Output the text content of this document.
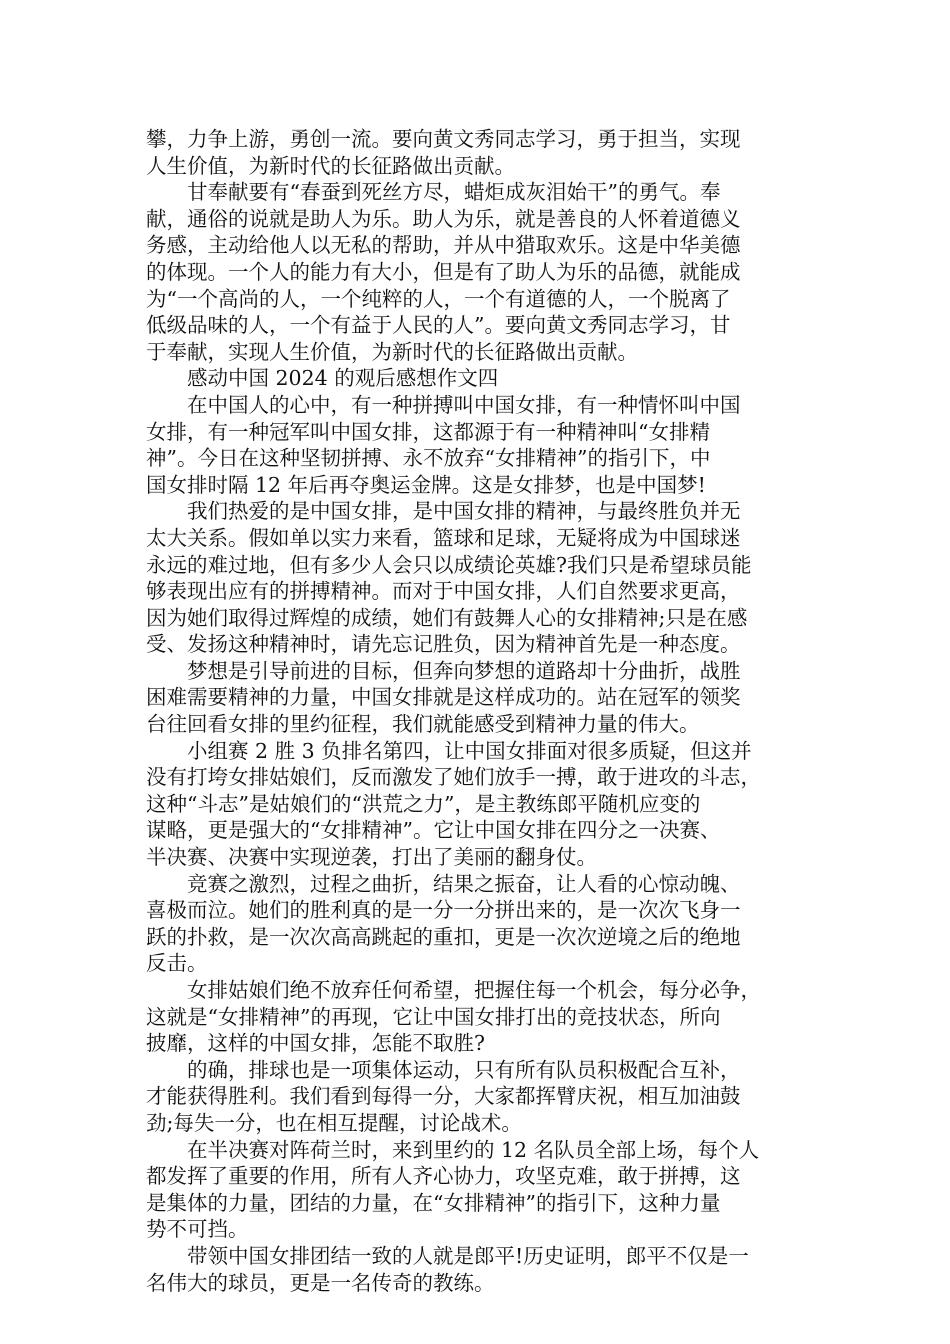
攀，力争上游，勇创一流。要向黄文秀同志学习，勇于担当，实现
人生价值，为新时代的长征路做出贡献。
甘奉献要有“春蚕到死丝方尽，蜡炬成灰泪始干”的勇气。奉
献，通俗的说就是助人为乐。助人为乐，就是善良的人怀着道德义
务感，主动给他人以无私的帮助，并从中猎取欢乐。这是中华美德
的体现。一个人的能力有大小，但是有了助人为乐的品德，就能成
为“一个高尚的人，一个纯粹的人，一个有道德的人，一个脱离了
低级品味的人，一个有益于人民的人”。要向黄文秀同志学习，甘
于奉献，实现人生价值，为新时代的长征路做出贡献。
感动中国 2024 的观后感想作文四
在中国人的心中，有一种拼搏叫中国女排，有一种情怀叫中国
女排，有一种冠军叫中国女排，这都源于有一种精神叫“女排精
神”。今日在这种坚韧拼搏、永不放弃“女排精神”的指引下，中
国女排时隔 12 年后再夺奥运金牌。这是女排梦，也是中国梦!
我们热爱的是中国女排，是中国女排的精神，与最终胜负并无
太大关系。假如单以实力来看，篮球和足球，无疑将成为中国球迷
永远的难过地，但有多少人会只以成绩论英雄?我们只是希望球员能
够表现出应有的拼搏精神。而对于中国女排，人们自然要求更高，
因为她们取得过辉煌的成绩，她们有鼓舞人心的女排精神;只是在感
受、发扬这种精神时，请先忘记胜负，因为精神首先是一种态度。
梦想是引导前进的目标，但奔向梦想的道路却十分曲折，战胜
困难需要精神的力量，中国女排就是这样成功的。站在冠军的领奖
台往回看女排的里约征程，我们就能感受到精神力量的伟大。
小组赛 2 胜 3 负排名第四，让中国女排面对很多质疑，但这并
没有打垮女排姑娘们，反而激发了她们放手一搏，敢于进攻的斗志，
这种“斗志”是姑娘们的“洪荒之力”，是主教练郎平随机应变的
谋略，更是强大的“女排精神”。它让中国女排在四分之一决赛、
半决赛、决赛中实现逆袭，打出了美丽的翻身仗。
竞赛之激烈，过程之曲折，结果之振奋，让人看的心惊动魄、
喜极而泣。她们的胜利真的是一分一分拼出来的，是一次次飞身一
跃的扑救，是一次次高高跳起的重扣，更是一次次逆境之后的绝地
反击。
女排姑娘们绝不放弃任何希望，把握住每一个机会，每分必争，
这就是“女排精神”的再现，它让中国女排打出的竞技状态，所向
披靡，这样的中国女排，怎能不取胜?
的确，排球也是一项集体运动，只有所有队员积极配合互补，
才能获得胜利。我们看到每得一分，大家都挥臂庆祝，相互加油鼓
劲;每失一分，也在相互提醒，讨论战术。
在半决赛对阵荷兰时，来到里约的 12 名队员全部上场，每个人
都发挥了重要的作用，所有人齐心协力，攻坚克难，敢于拼搏，这
是集体的力量，团结的力量，在“女排精神”的指引下，这种力量
势不可挡。
带领中国女排团结一致的人就是郎平!历史证明，郎平不仅是一
名伟大的球员，更是一名传奇的教练。
